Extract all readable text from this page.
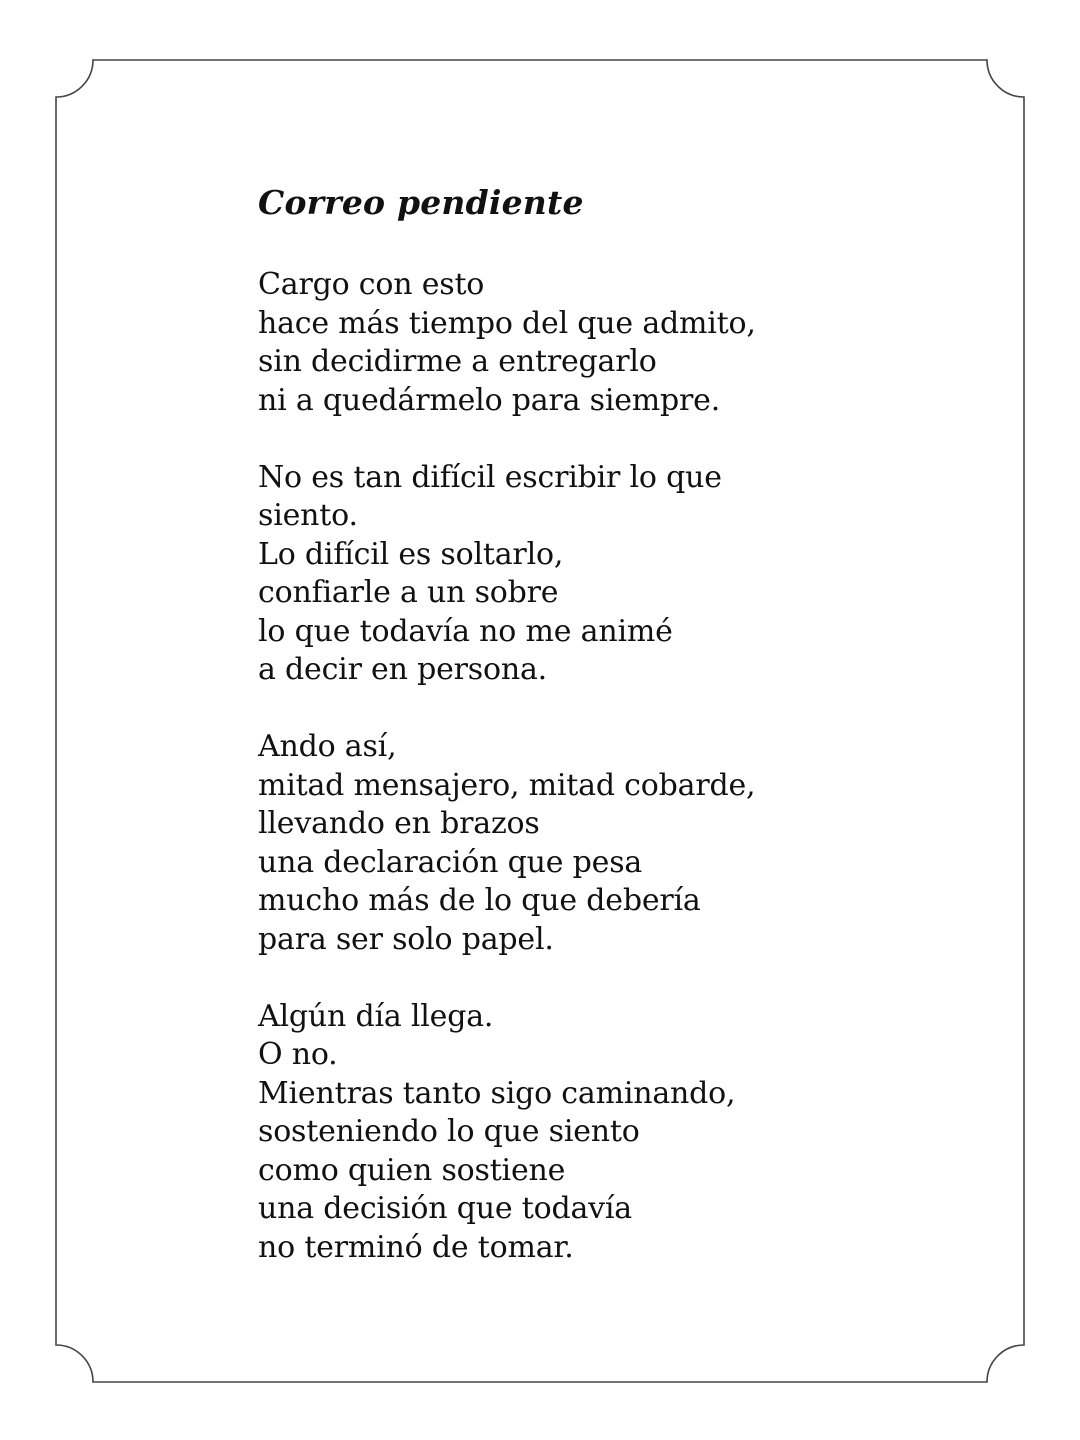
Correo pendiente
Cargo con esto
hace más tiempo del que admito,
sin decidirme a entregarlo
ni a quedármelo para siempre.
No es tan difícil escribir lo que
siento.
Lo difícil es soltarlo,
confiarle a un sobre
lo que todavía no me animé
a decir en persona.
Ando así,
mitad mensajero, mitad cobarde,
llevando en brazos
una declaración que pesa
mucho más de lo que debería
para ser solo papel.
Algún día llega.
O no.
Mientras tanto sigo caminando,
sosteniendo lo que siento
como quien sostiene
una decisión que todavía
no terminó de tomar.
